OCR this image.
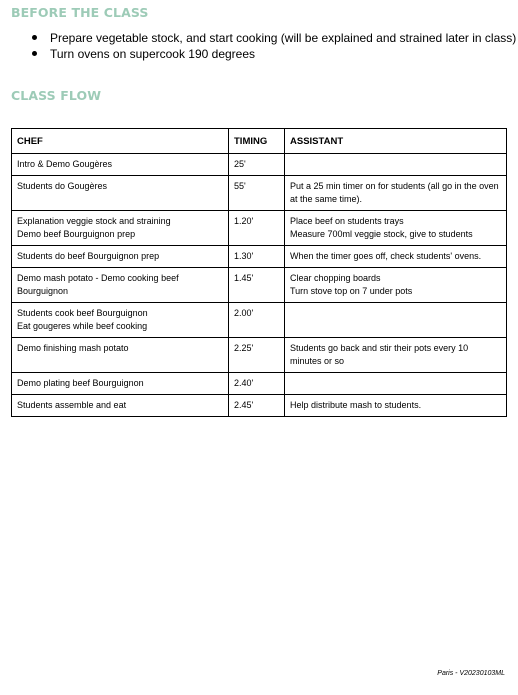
BEFORE THE CLASS
Prepare vegetable stock, and start cooking (will be explained and strained later in class)
Turn ovens on supercook 190 degrees
CLASS FLOW
CHEF	TIMING	ASSISTANT

Intro & Demo Gougères	25'	

Students do Gougères	55'	Put a 25 min timer on for students (all go in the oven at the same time).

Explanation veggie stock and straining
Demo beef Bourguignon prep	1.20'	Place beef on students trays
Measure 700ml veggie stock, give to students

Students do beef Bourguignon prep	1.30'	When the timer goes off, check students' ovens.

Demo mash potato - Demo cooking beef Bourguignon	1.45'	Clear chopping boards
Turn stove top on 7 under pots

Students cook beef Bourguignon
Eat gougeres while beef cooking	2.00'	

Demo finishing mash potato	2.25'	Students go back and stir their pots every 10 minutes or so

Demo plating beef Bourguignon	2.40'	

Students assemble and eat	2.45'	Help distribute mash to students.

Paris - V20230103ML
